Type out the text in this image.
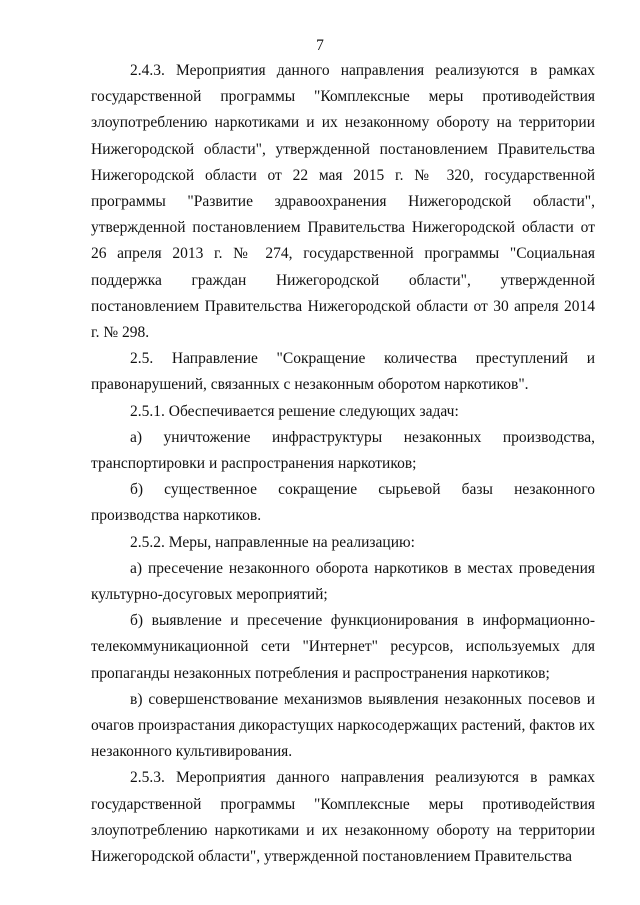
7

2.4.3. Мероприятия данного направления реализуются в рамках государственной программы "Комплексные меры противодействия злоупотреблению наркотиками и их незаконному обороту на территории Нижегородской области", утвержденной постановлением Правительства Нижегородской области от 22 мая 2015 г. № 320, государственной программы "Развитие здравоохранения Нижегородской области", утвержденной постановлением Правительства Нижегородской области от 26 апреля 2013 г. № 274, государственной программы "Социальная поддержка граждан Нижегородской области", утвержденной постановлением Правительства Нижегородской области от 30 апреля 2014 г. № 298.

2.5. Направление "Сокращение количества преступлений и правонарушений, связанных с незаконным оборотом наркотиков".

2.5.1. Обеспечивается решение следующих задач:

а) уничтожение инфраструктуры незаконных производства, транспортировки и распространения наркотиков;

б) существенное сокращение сырьевой базы незаконного производства наркотиков.

2.5.2. Меры, направленные на реализацию:

а) пресечение незаконного оборота наркотиков в местах проведения культурно-досуговых мероприятий;

б) выявление и пресечение функционирования в информационно-телекоммуникационной сети "Интернет" ресурсов, используемых для пропаганды незаконных потребления и распространения наркотиков;

в) совершенствование механизмов выявления незаконных посевов и очагов произрастания дикорастущих наркосодержащих растений, фактов их незаконного культивирования.

2.5.3. Мероприятия данного направления реализуются в рамках государственной программы "Комплексные меры противодействия злоупотреблению наркотиками и их незаконному обороту на территории Нижегородской области", утвержденной постановлением Правительства
